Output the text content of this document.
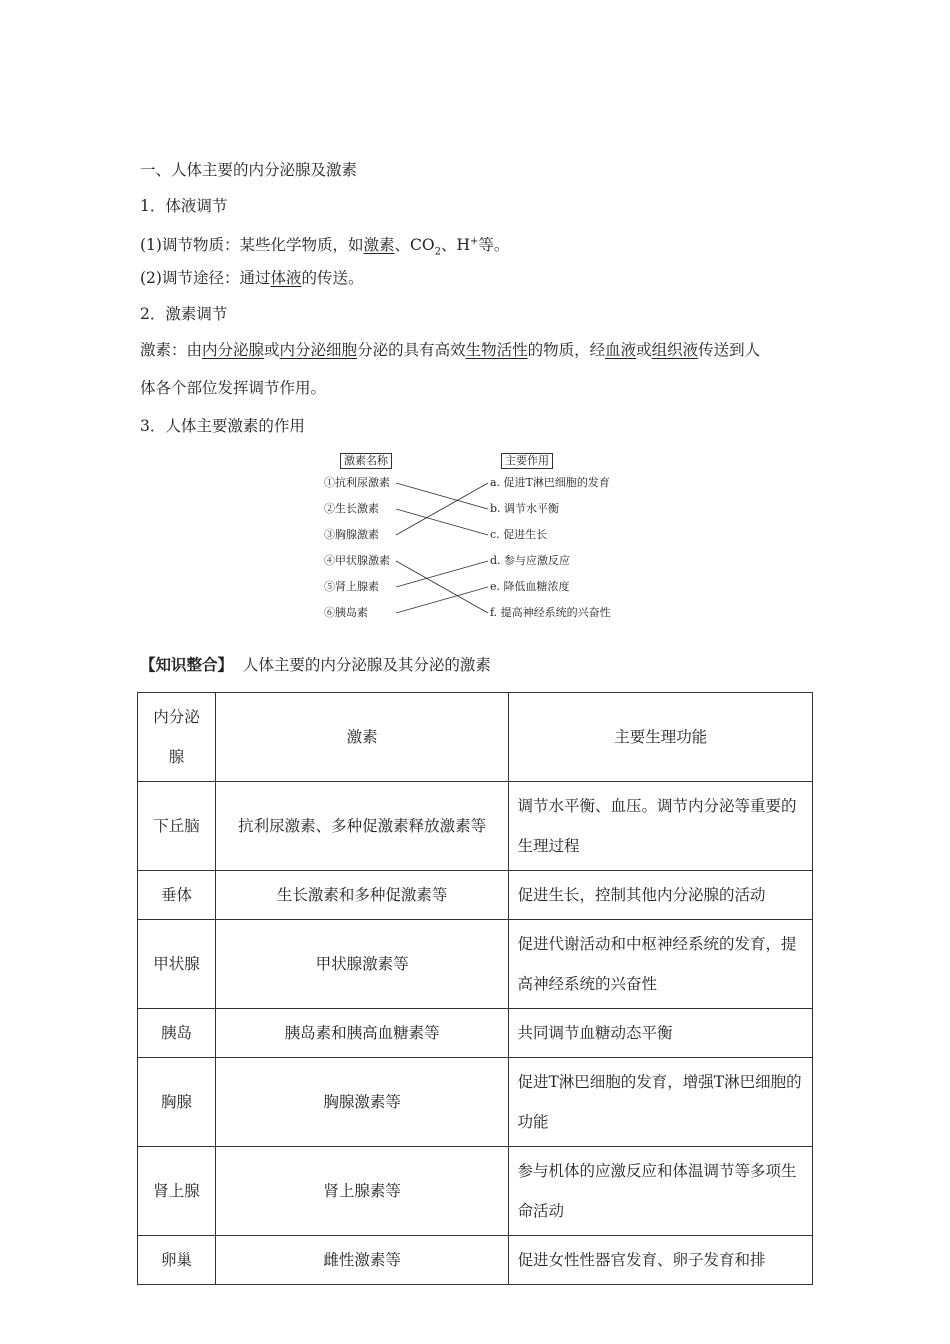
一、人体主要的内分泌腺及激素
1．体液调节
(1)调节物质：某些化学物质，如激素、$CO_2$、H+等。
(2)调节途径：通过体液的传送。
2．激素调节
激素：由内分泌腺或内分泌细胞分泌的具有高效生物活性的物质，经血液或组织液传送到人
体各个部位发挥调节作用。
3．人体主要激素的作用
激素名称	主要作用
①抗利尿激素
②生长激素
③胸腺激素
④甲状腺激素
⑤肾上腺素
⑥胰岛素
a. 促进T淋巴细胞的发育
b. 调节水平衡
c. 促进生长
d. 参与应激反应
e. 降低血糖浓度
f. 提高神经系统的兴奋性
【知识整合】 人体主要的内分泌腺及其分泌的激素
内分泌腺	激素	主要生理功能
下丘脑	抗利尿激素、多种促激素释放激素等	调节水平衡、血压。调节内分泌等重要的生理过程
垂体	生长激素和多种促激素等	促进生长，控制其他内分泌腺的活动
甲状腺	甲状腺激素等	促进代谢活动和中枢神经系统的发育，提高神经系统的兴奋性
胰岛	胰岛素和胰高血糖素等	共同调节血糖动态平衡
胸腺	胸腺激素等	促进T淋巴细胞的发育，增强T淋巴细胞的功能
肾上腺	肾上腺素等	参与机体的应激反应和体温调节等多项生命活动
卵巢	雌性激素等	促进女性性器官发育、卵子发育和排
